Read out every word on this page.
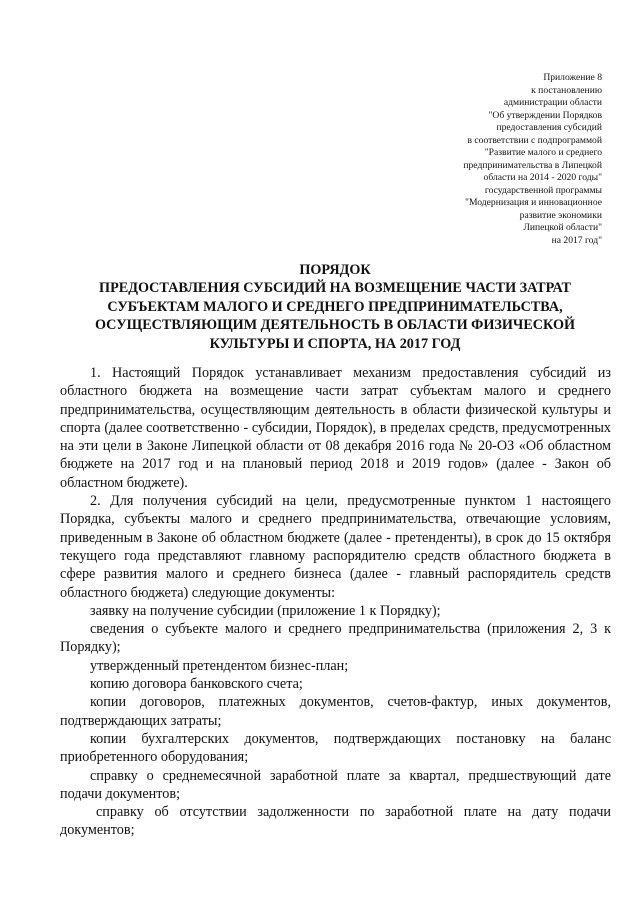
Приложение 8
к постановлению
администрации области
"Об утверждении Порядков
предоставления субсидий
в соответствии с подпрограммой
"Развитие малого и среднего
предпринимательства в Липецкой
области на 2014 - 2020 годы"
государственной программы
"Модернизация и инновационное
развитие экономики
Липецкой области"
на 2017 год"
ПОРЯДОК
ПРЕДОСТАВЛЕНИЯ СУБСИДИЙ НА ВОЗМЕЩЕНИЕ ЧАСТИ ЗАТРАТ
СУБЪЕКТАМ МАЛОГО И СРЕДНЕГО ПРЕДПРИНИМАТЕЛЬСТВА,
ОСУЩЕСТВЛЯЮЩИМ ДЕЯТЕЛЬНОСТЬ В ОБЛАСТИ ФИЗИЧЕСКОЙ
КУЛЬТУРЫ И СПОРТА, НА 2017 ГОД

1. Настоящий Порядок устанавливает механизм предоставления субсидий из областного бюджета на возмещение части затрат субъектам малого и среднего предпринимательства, осуществляющим деятельность в области физической культуры и спорта (далее соответственно - субсидии, Порядок), в пределах средств, предусмотренных на эти цели в Законе Липецкой области от 08 декабря 2016 года № 20-ОЗ «Об областном бюджете на 2017 год и на плановый период 2018 и 2019 годов» (далее - Закон об областном бюджете).

2. Для получения субсидий на цели, предусмотренные пунктом 1 настоящего Порядка, субъекты малого и среднего предпринимательства, отвечающие условиям, приведенным в Законе об областном бюджете (далее - претенденты), в срок до 15 октября текущего года представляют главному распорядителю средств областного бюджета в сфере развития малого и среднего бизнеса (далее - главный распорядитель средств областного бюджета) следующие документы:

заявку на получение субсидии (приложение 1 к Порядку);

сведения о субъекте малого и среднего предпринимательства (приложения 2, 3 к Порядку);

утвержденный претендентом бизнес-план;

копию договора банковского счета;

копии договоров, платежных документов, счетов-фактур, иных документов, подтверждающих затраты;

копии бухгалтерских документов, подтверждающих постановку на баланс приобретенного оборудования;

справку о среднемесячной заработной плате за квартал, предшествующий дате подачи документов;

справку об отсутствии задолженности по заработной плате на дату подачи документов;
